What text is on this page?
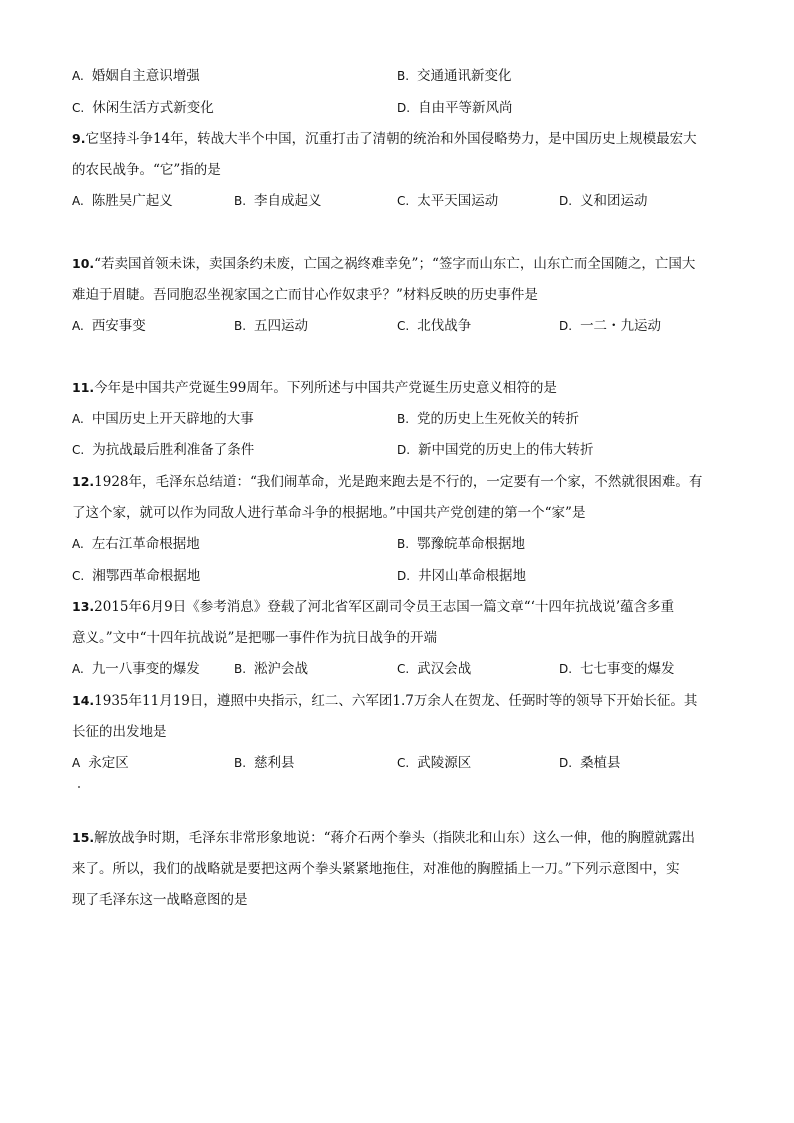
A. 婚姻自主意识增强	B. 交通通讯新变化
C. 休闲生活方式新变化	D. 自由平等新风尚
9.它坚持斗争14年，转战大半个中国，沉重打击了清朝的统治和外国侵略势力，是中国历史上规模最宏大
的农民战争。“它”指的是
A. 陈胜吴广起义	B. 李自成起义	C. 太平天国运动	D. 义和团运动
10.“若卖国首领未诛，卖国条约未废，亡国之祸终难幸免”；“签字而山东亡，山东亡而全国随之，亡国大
难迫于眉睫。吾同胞忍坐视家国之亡而甘心作奴隶乎？”材料反映的历史事件是
A. 西安事变	B. 五四运动	C. 北伐战争	D. 一二・九运动
11.今年是中国共产党诞生99周年。下列所述与中国共产党诞生历史意义相符的是
A. 中国历史上开天辟地的大事	B. 党的历史上生死攸关的转折
C. 为抗战最后胜利准备了条件	D. 新中国党的历史上的伟大转折
12.1928年，毛泽东总结道：“我们闹革命，光是跑来跑去是不行的，一定要有一个家，不然就很困难。有
了这个家，就可以作为同敌人进行革命斗争的根据地。”中国共产党创建的第一个“家”是
A. 左右江革命根据地	B. 鄂豫皖革命根据地
C. 湘鄂西革命根据地	D. 井冈山革命根据地
13.2015年6月9日《参考消息》登载了河北省军区副司令员王志国一篇文章“‘十四年抗战说’蕴含多重
意义。”文中“十四年抗战说”是把哪一事件作为抗日战争的开端
A. 九一八事变的爆发	B. 淞沪会战	C. 武汉会战	D. 七七事变的爆发
14.1935年11月19日，遵照中央指示，红二、六军团1.7万余人在贺龙、任弼时等的领导下开始长征。其
长征的出发地是
A 永定区	B. 慈利县	C. 武陵源区	D. 桑植县
15.解放战争时期，毛泽东非常形象地说：“蒋介石两个拳头（指陕北和山东）这么一伸，他的胸膛就露出
来了。所以，我们的战略就是要把这两个拳头紧紧地拖住，对准他的胸膛插上一刀。”下列示意图中，实
现了毛泽东这一战略意图的是
